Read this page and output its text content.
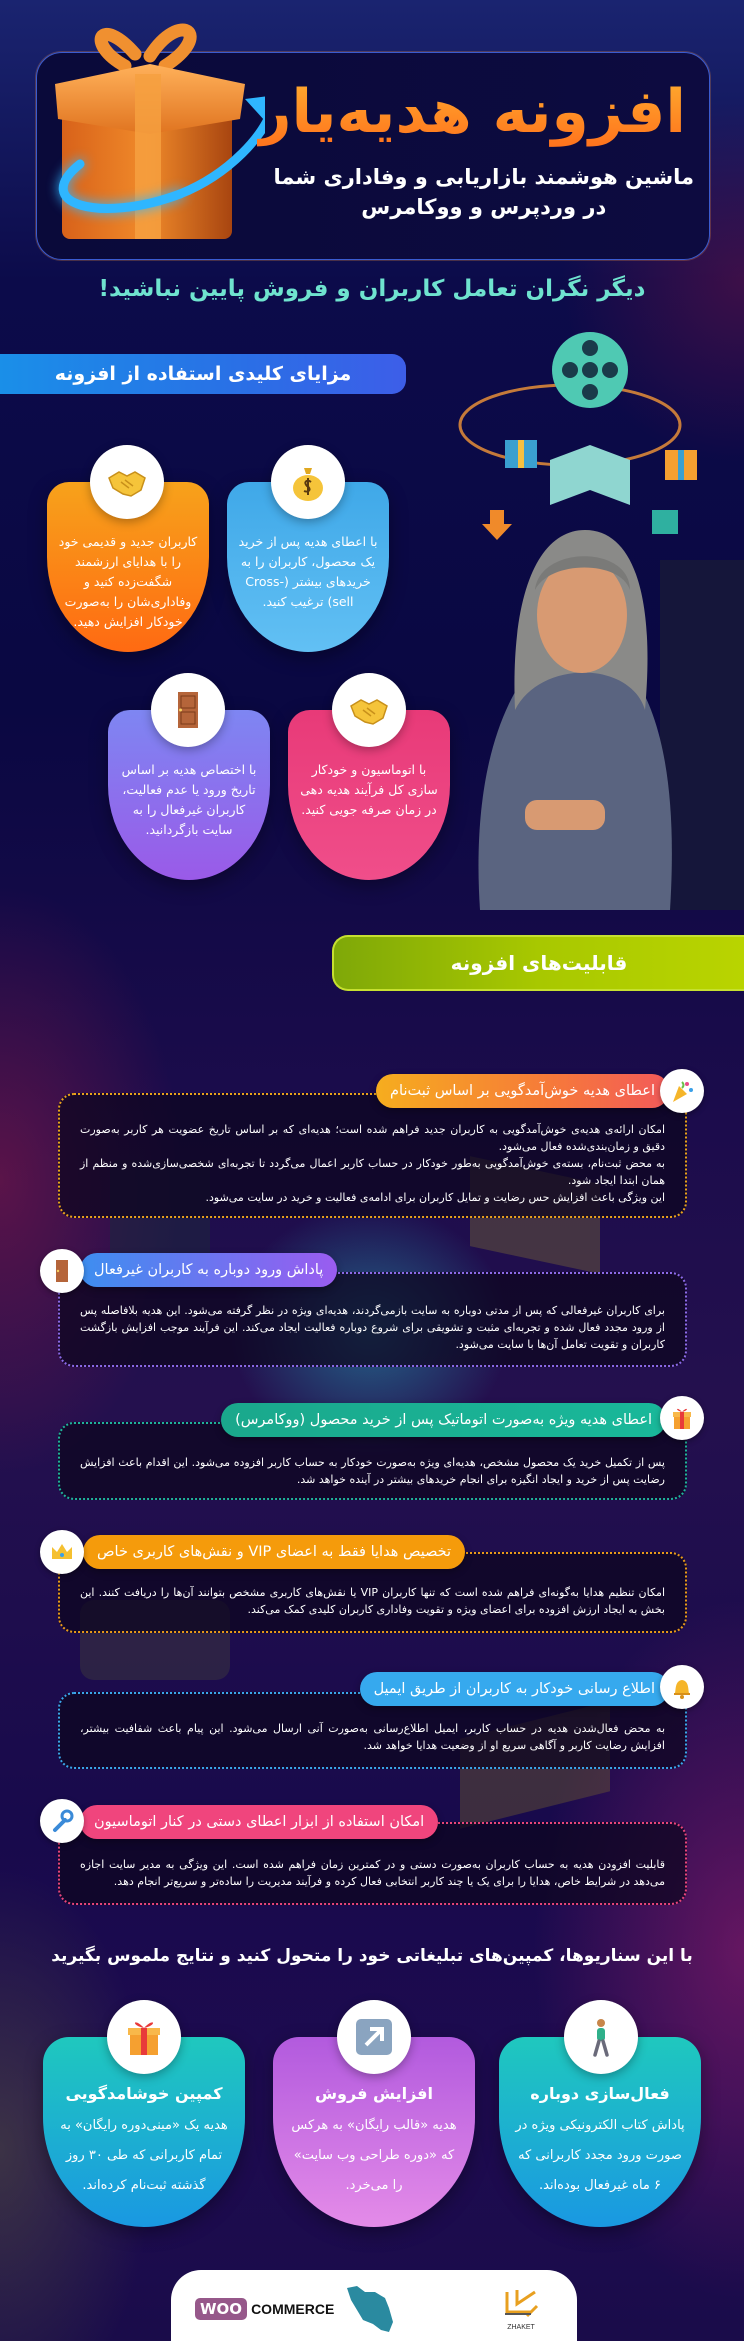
افزونه هدیه‌یار
ماشین هوشمند بازاریابی و وفاداری شما
در وردپرس و ووکامرس
دیگر نگران تعامل کاربران و فروش پایین نباشید!
مزایای کلیدی استفاده از افزونه
کاربران جدید و قدیمی خود را با هدایای ارزشمند شگفت‌زده کنید و وفاداری‌شان را به‌صورت خودکار افزایش دهید.
با اعطای هدیه پس از خرید یک محصول، کاربران را به خریدهای بیشتر (Cross-sell) ترغیب کنید.
با اختصاص هدیه بر اساس تاریخ ورود یا عدم فعالیت، کاربران غیرفعال را به سایت بازگردانید.
با اتوماسیون و خودکار سازی کل فرآیند هدیه دهی در زمان صرفه جویی کنید.
قابلیت‌های افزونه
امکان ارائه‌ی هدیه‌ی خوش‌آمدگویی به کاربران جدید فراهم شده است؛ هدیه‌ای که بر اساس تاریخ عضویت هر کاربر به‌صورت دقیق و زمان‌بندی‌شده فعال می‌شود.
به محض ثبت‌نام، بسته‌ی خوش‌آمدگویی به‌طور خودکار در حساب کاربر اعمال می‌گردد تا تجربه‌ای شخصی‌سازی‌شده و منظم از همان ابتدا ایجاد شود.
این ویژگی باعث افزایش حس رضایت و تمایل کاربران برای ادامه‌ی فعالیت و خرید در سایت می‌شود.
اعطای هدیه خوش‌آمدگویی بر اساس ثبت‌نام
برای کاربران غیرفعالی که پس از مدتی دوباره به سایت بازمی‌گردند، هدیه‌ای ویژه در نظر گرفته می‌شود. این هدیه بلافاصله پس از ورود مجدد فعال شده و تجربه‌ای مثبت و تشویقی برای شروع دوباره فعالیت ایجاد می‌کند. این فرآیند موجب افزایش بازگشت کاربران و تقویت تعامل آن‌ها با سایت می‌شود.
پاداش ورود دوباره به کاربران غیرفعال
پس از تکمیل خرید یک محصول مشخص، هدیه‌ای ویژه به‌صورت خودکار به حساب کاربر افزوده می‌شود. این اقدام باعث افزایش رضایت پس از خرید و ایجاد انگیزه برای انجام خریدهای بیشتر در آینده خواهد شد.
اعطای هدیه ویژه به‌صورت اتوماتیک پس از خرید محصول (ووکامرس)
امکان تنظیم هدایا به‌گونه‌ای فراهم شده است که تنها کاربران VIP یا نقش‌های کاربری مشخص بتوانند آن‌ها را دریافت کنند. این بخش به ایجاد ارزش افزوده برای اعضای ویژه و تقویت وفاداری کاربران کلیدی کمک می‌کند.
تخصیص هدایا فقط به اعضای VIP و نقش‌های کاربری خاص
به محض فعال‌شدن هدیه در حساب کاربر، ایمیل اطلاع‌رسانی به‌صورت آنی ارسال می‌شود. این پیام باعث شفافیت بیشتر، افزایش رضایت کاربر و آگاهی سریع او از وضعیت هدایا خواهد شد.
اطلاع رسانی خودکار به کاربران از طریق ایمیل
قابلیت افزودن هدیه به حساب کاربران به‌صورت دستی و در کمترین زمان فراهم شده است. این ویژگی به مدیر سایت اجازه می‌دهد در شرایط خاص، هدایا را برای یک یا چند کاربر انتخابی فعال کرده و فرآیند مدیریت را ساده‌تر و سریع‌تر انجام دهد.
امکان استفاده از ابزار اعطای دستی در کنار اتوماسیون
با این سناریوها، کمپین‌های تبلیغاتی خود را متحول کنید و نتایج ملموس بگیرید
فعال‌سازی دوباره

پاداش کتاب الکترونیکی ویژه در صورت ورود مجدد کاربرانی که ۶ ماه غیرفعال بوده‌اند.

افزایش فروش

هدیه «قالب رایگان» به هرکس که «دوره طراحی وب سایت» را می‌خرد.

کمپین خوشامدگویی

هدیه یک «مینی‌دوره رایگان» به تمام کاربرانی که طی ۳۰ روز گذشته ثبت‌نام کرده‌اند.

WOO COMMERCE
ZHAKET
